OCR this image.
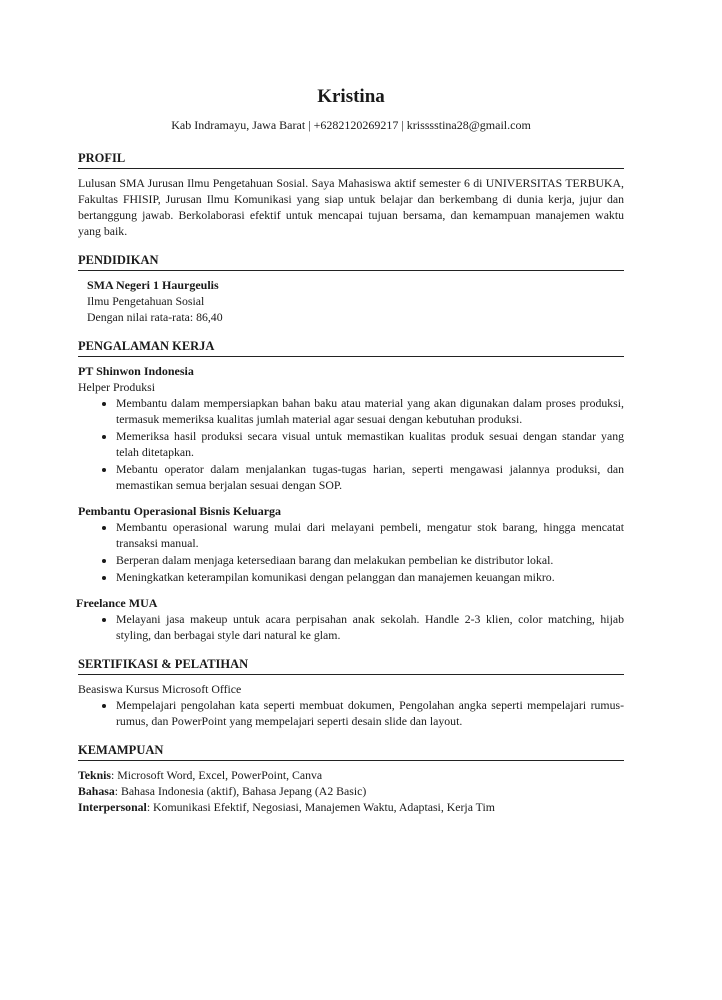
Kristina
Kab Indramayu, Jawa Barat | +6282120269217 | krisssstina28@gmail.com
PROFIL

Lulusan SMA Jurusan Ilmu Pengetahuan Sosial. Saya Mahasiswa aktif semester 6 di UNIVERSITAS TERBUKA, Fakultas FHISIP, Jurusan Ilmu Komunikasi yang siap untuk belajar dan berkembang di dunia kerja, jujur dan bertanggung jawab. Berkolaborasi efektif untuk mencapai tujuan bersama, dan kemampuan manajemen waktu yang baik.

PENDIDIKAN

SMA Negeri 1 Haurgeulis

Ilmu Pengetahuan Sosial

Dengan nilai rata-rata: 86,40

PENGALAMAN KERJA

PT Shinwon Indonesia

Helper Produksi

• Membantu dalam mempersiapkan bahan baku atau material yang akan digunakan dalam proses produksi, termasuk memeriksa kualitas jumlah material agar sesuai dengan kebutuhan produksi.
• Memeriksa hasil produksi secara visual untuk memastikan kualitas produk sesuai dengan standar yang telah ditetapkan.
• Mebantu operator dalam menjalankan tugas-tugas harian, seperti mengawasi jalannya produksi, dan memastikan semua berjalan sesuai dengan SOP.

Pembantu Operasional Bisnis Keluarga

• Membantu operasional warung mulai dari melayani pembeli, mengatur stok barang, hingga mencatat transaksi manual.
• Berperan dalam menjaga ketersediaan barang dan melakukan pembelian ke distributor lokal.
• Meningkatkan keterampilan komunikasi dengan pelanggan dan manajemen keuangan mikro.

Freelance MUA

• Melayani jasa makeup untuk acara perpisahan anak sekolah. Handle 2-3 klien, color matching, hijab styling, dan berbagai style dari natural ke glam.
SERTIFIKASI & PELATIHAN

Beasiswa Kursus Microsoft Office

• Mempelajari pengolahan kata seperti membuat dokumen, Pengolahan angka seperti mempelajari rumus-rumus, dan PowerPoint yang mempelajari seperti desain slide dan layout.
KEMAMPUAN

Teknis: Microsoft Word, Excel, PowerPoint, Canva

Bahasa: Bahasa Indonesia (aktif), Bahasa Jepang (A2 Basic)

Interpersonal: Komunikasi Efektif, Negosiasi, Manajemen Waktu, Adaptasi, Kerja Tim
